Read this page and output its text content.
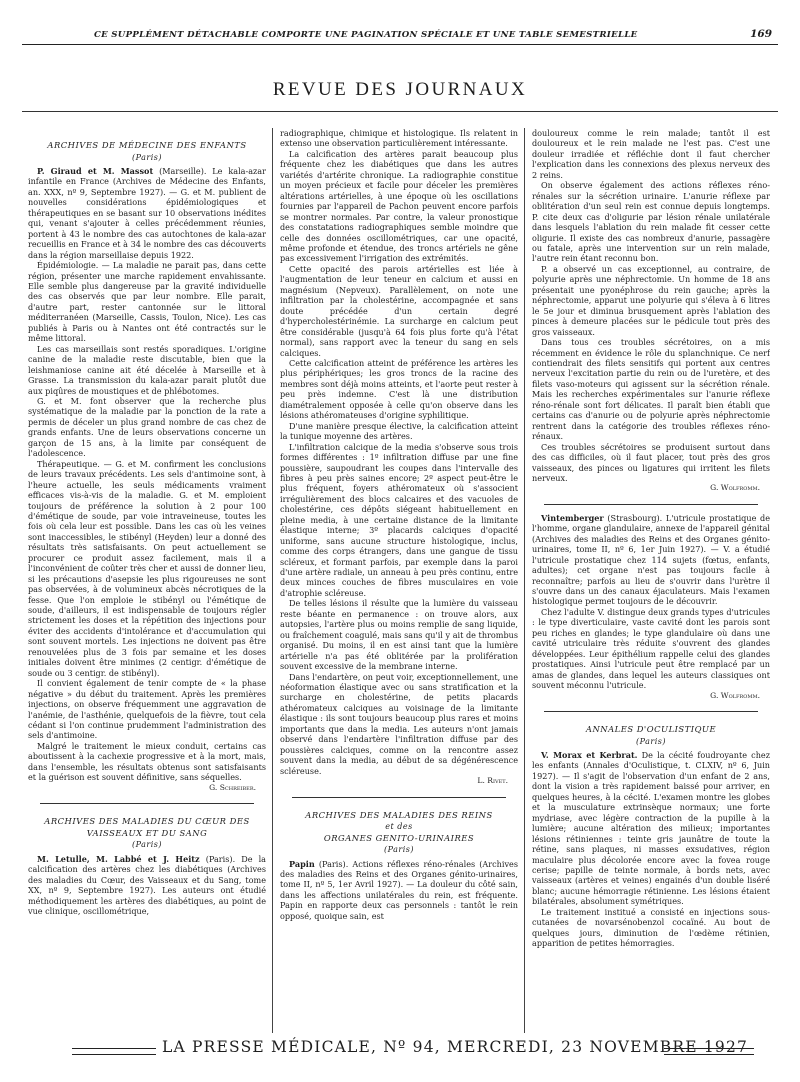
CE SUPPLÉMENT DÉTACHABLE COMPORTE UNE PAGINATION SPÉCIALE ET UNE TABLE SEMESTRIELLE	169
REVUE DES JOURNAUX
ARCHIVES DE MÉDECINE DES ENFANTS
(Paris)

P. Giraud et M. Massot (Marseille). Le kala-azar infantile en France (Archives de Médecine des Enfants, an. XXX, nº 9, Septembre 1927). — G. et M. publient de nouvelles considérations épidémiologiques et thérapeutiques en se basant sur 10 observations inédites qui, venant s'ajouter à celles précédemment réunies, portent à 43 le nombre des cas autochtones de kala-azar recueillis en France et à 34 le nombre des cas découverts dans la région marseillaise depuis 1922.

Épidémiologie. — La maladie ne parait pas, dans cette région, présenter une marche rapidement envahissante. Elle semble plus dangereuse par la gravité individuelle des cas observés que par leur nombre. Elle parait, d'autre part, rester cantonnée sur le littoral méditerranéen (Marseille, Cassis, Toulon, Nice). Les cas publiés à Paris ou à Nantes ont été contractés sur le même littoral.

Les cas marseillais sont restés sporadiques. L'origine canine de la maladie reste discutable, bien que la leishmaniose canine ait été décelée à Marseille et à Grasse. La transmission du kala-azar parait plutôt due aux piqûres de moustiques et de phlébotomes.

G. et M. font observer que la recherche plus systématique de la maladie par la ponction de la rate a permis de déceler un plus grand nombre de cas chez de grands enfants. Une de leurs observations concerne un garçon de 15 ans, à la limite par conséquent de l'adolescence.

Thérapeutique. — G. et M. confirment les conclusions de leurs travaux précédents. Les sels d'antimoine sont, à l'heure actuelle, les seuls médicaments vraiment efficaces vis-à-vis de la maladie. G. et M. emploient toujours de préférence la solution à 2 pour 100 d'émétique de soude, par voie intraveineuse, toutes les fois où cela leur est possible. Dans les cas où les veines sont inaccessibles, le stibényl (Heyden) leur a donné des résultats très satisfaisants. On peut actuellement se procurer ce produit assez facilement, mais il a l'inconvénient de coûter très cher et aussi de donner lieu, si les précautions d'asepsie les plus rigoureuses ne sont pas observées, à de volumineux abcès nécrotiques de la fesse. Que l'on emploie le stibényl ou l'émétique de soude, d'ailleurs, il est indispensable de toujours régler strictement les doses et la répétition des injections pour éviter des accidents d'intolérance et d'accumulation qui sont souvent mortels. Les injections ne doivent pas être renouvelées plus de 3 fois par semaine et les doses initiales doivent être minimes (2 centigr. d'émétique de soude ou 3 centigr. de stibényl).

Il convient également de tenir compte de « la phase négative » du début du traitement. Après les premières injections, on observe fréquemment une aggravation de l'anémie, de l'asthénie, quelquefois de la fièvre, tout cela cédant si l'on continue prudemment l'administration des sels d'antimoine.

Malgré le traitement le mieux conduit, certains cas aboutissent à la cachexie progressive et à la mort, mais, dans l'ensemble, les résultats obtenus sont satisfaisants et la guérison est souvent définitive, sans séquelles.

G. Schreiber.
ARCHIVES DES MALADIES DU CŒUR DES VAISSEAUX ET DU SANG
(Paris)

M. Letulle, M. Labbé et J. Heitz (Paris). De la calcification des artères chez les diabétiques (Archives des maladies du Cœur, des Vaisseaux et du Sang, tome XX, nº 9, Septembre 1927). Les auteurs ont étudié méthodiquement les artères des diabétiques, au point de vue clinique, oscillométrique,

radiographique, chimique et histologique. Ils relatent in extenso une observation particulièrement intéressante.

La calcification des artères parait beaucoup plus fréquente chez les diabétiques que dans les autres variétés d'artérite chronique. La radiographie constitue un moyen précieux et facile pour déceler les premières altérations artérielles, à une époque où les oscillations fournies par l'appareil de Pachon peuvent encore parfois se montrer normales. Par contre, la valeur pronostique des constatations radiographiques semble moindre que celle des données oscillométriques, car une opacité, même profonde et étendue, des troncs artériels ne gêne pas excessivement l'irrigation des extrémités.

Cette opacité des parois artérielles est liée à l'augmentation de leur teneur en calcium et aussi en magnésium (Nepveux). Parallèlement, on note une infiltration par la cholestérine, accompagnée et sans doute précédée d'un certain degré d'hypercholestérinémie. La surcharge en calcium peut être considérable (jusqu'à 64 fois plus forte qu'à l'état normal), sans rapport avec la teneur du sang en sels calciques.

Cette calcification atteint de préférence les artères les plus périphériques; les gros troncs de la racine des membres sont déjà moins atteints, et l'aorte peut rester à peu près indemne. C'est là une distribution diamétralement opposée à celle qu'on observe dans les lésions athéromateuses d'origine syphilitique.

D'une manière presque élective, la calcification atteint la tunique moyenne des artères.

L'infiltration calcique de la media s'observe sous trois formes différentes : 1º infiltration diffuse par une fine poussière, saupoudrant les coupes dans l'intervalle des fibres à peu près saines encore; 2º aspect peut-être le plus fréquent, foyers athéromateux où s'associent irrégulièrement des blocs calcaires et des vacuoles de cholestérine, ces dépôts siégeant habituellement en pleine media, à une certaine distance de la limitante élastique interne; 3º placards calciques d'opacité uniforme, sans aucune structure histologique, inclus, comme des corps étrangers, dans une gangue de tissu scléreux, et formant parfois, par exemple dans la paroi d'une artère radiale, un anneau à peu près continu, entre deux minces couches de fibres musculaires en voie d'atrophie scléreuse.

De telles lésions il résulte que la lumière du vaisseau reste béante en permanence : on trouve alors, aux autopsies, l'artère plus ou moins remplie de sang liquide, ou fraîchement coagulé, mais sans qu'il y ait de thrombus organisé. Du moins, il en est ainsi tant que la lumière artérielle n'a pas été oblitérée par la prolifération souvent excessive de la membrane interne.

Dans l'endartère, on peut voir, exceptionnellement, une néoformation élastique avec ou sans stratification et la surcharge en cholestérine, de petits placards athéromateux calciques au voisinage de la limitante élastique : ils sont toujours beaucoup plus rares et moins importants que dans la media. Les auteurs n'ont jamais observé dans l'endartère l'infiltration diffuse par des poussières calciques, comme on la rencontre assez souvent dans la media, au début de sa dégénérescence scléreuse.

L. Rivet.
ARCHIVES DES MALADIES DES REINS
et des
ORGANES GENITO-URINAIRES
(Paris)

Papin (Paris). Actions réflexes réno-rénales (Archives des maladies des Reins et des Organes génito-urinaires, tome II, nº 5, 1er Avril 1927). — La douleur du côté sain, dans les affections unilatérales du rein, est fréquente. Papin en rapporte deux cas personnels : tantôt le rein opposé, quoique sain, est

douloureux comme le rein malade; tantôt il est douloureux et le rein malade ne l'est pas. C'est une douleur irradiée et réfléchie dont il faut chercher l'explication dans les connexions des plexus nerveux des 2 reins.

On observe également des actions réflexes réno-rénales sur la sécrétion urinaire. L'anurie réflexe par oblitération d'un seul rein est connue depuis longtemps. P. cite deux cas d'oligurie par lésion rénale unilatérale dans lesquels l'ablation du rein malade fit cesser cette oligurie. Il existe des cas nombreux d'anurie, passagère ou fatale, après une intervention sur un rein malade, l'autre rein étant reconnu bon.

P. a observé un cas exceptionnel, au contraire, de polyurie après une néphrectomie. Un homme de 18 ans présentait une pyonéphrose du rein gauche; après la néphrectomie, apparut une polyurie qui s'éleva à 6 litres le 5e jour et diminua brusquement après l'ablation des pinces à demeure placées sur le pédicule tout près des gros vaisseaux.

Dans tous ces troubles sécrétoires, on a mis récemment en évidence le rôle du splanchnique. Ce nerf contiendrait des filets sensitifs qui portent aux centres nerveux l'excitation partie du rein ou de l'uretère, et des filets vaso-moteurs qui agissent sur la sécrétion rénale. Mais les recherches expérimentales sur l'anurie réflexe réno-rénale sont fort délicates. Il paraît bien établi que certains cas d'anurie ou de polyurie après néphrectomie rentrent dans la catégorie des troubles réflexes réno-rénaux.

Ces troubles sécrétoires se produisent surtout dans des cas difficiles, où il faut placer, tout près des gros vaisseaux, des pinces ou ligatures qui irritent les filets nerveux.

G. Wolfromm.

Vintemberger (Strasbourg). L'utricule prostatique de l'homme, organe glandulaire, annexe de l'appareil génital (Archives des maladies des Reins et des Organes génito-urinaires, tome II, nº 6, 1er Juin 1927). — V. a étudié l'utricule prostatique chez 114 sujets (fœtus, enfants, adultes); cet organe n'est pas toujours facile à reconnaître; parfois au lieu de s'ouvrir dans l'urètre il s'ouvre dans un des canaux éjaculateurs. Mais l'examen histologique permet toujours de le découvrir.

Chez l'adulte V. distingue deux grands types d'utricules : le type diverticulaire, vaste cavité dont les parois sont peu riches en glandes; le type glandulaire où dans une cavité utriculaire très réduite s'ouvrent des glandes développées. Leur épithélium rappelle celui des glandes prostatiques. Ainsi l'utricule peut être remplacé par un amas de glandes, dans lequel les auteurs classiques ont souvent méconnu l'utricule.

G. Wolfromm.
ANNALES D'OCULISTIQUE
(Paris)

V. Morax et Kerbrat. De la cécité foudroyante chez les enfants (Annales d'Oculistique, t. CLXIV, nº 6, Juin 1927). — Il s'agit de l'observation d'un enfant de 2 ans, dont la vision a très rapidement baissé pour arriver, en quelques heures, à la cécité. L'examen montre les globes et la musculature extrinsèque normaux; une forte mydriase, avec légère contraction de la pupille à la lumière; aucune altération des milieux; importantes lésions rétiniennes : teinte gris jaunâtre de toute la rétine, sans plaques, ni masses exsudatives, région maculaire plus décolorée encore avec la fovea rouge cerise; papille de teinte normale, à bords nets, avec vaisseaux (artères et veines) engainés d'un double liséré blanc; aucune hémorragie rétinienne. Les lésions étaient bilatérales, absolument symétriques.

Le traitement institué a consisté en injections sous-cutanées de novarsénobenzol cocaïné. Au bout de quelques jours, diminution de l'œdème rétinien, apparition de petites hémorragies.

LA PRESSE MÉDICALE, Nº 94, MERCREDI, 23 NOVEMBRE 1927
